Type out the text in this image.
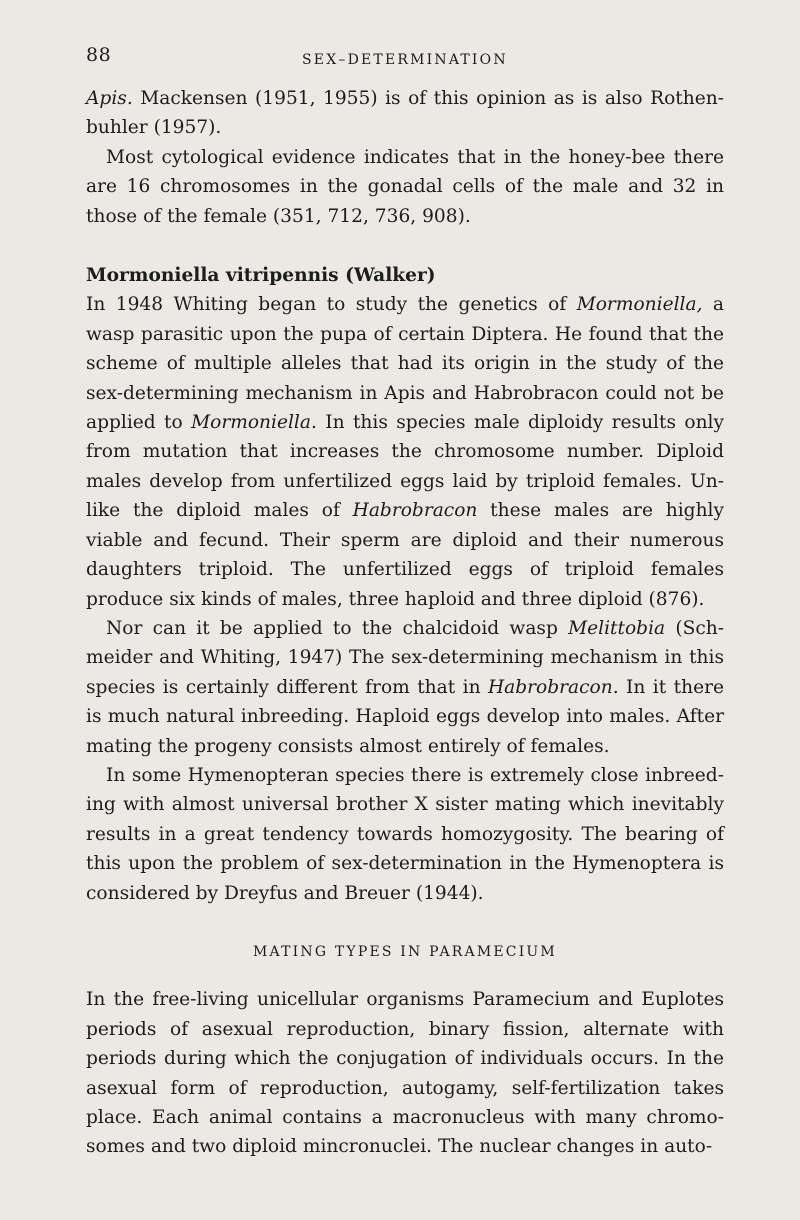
88	SEX–DETERMINATION

Apis. Mackensen (1951, 1955) is of this opinion as is also Rothen- buhler (1957).

Most cytological evidence indicates that in the honey-bee there are 16 chromosomes in the gonadal cells of the male and 32 in those of the female (351, 712, 736, 908).

Mormoniella vitripennis (Walker)

In 1948 Whiting began to study the genetics of Mormoniella, a wasp parasitic upon the pupa of certain Diptera. He found that the scheme of multiple alleles that had its origin in the study of the sex-determining mechanism in Apis and Habrobracon could not be applied to Mormoniella. In this species male diploidy results only from mutation that increases the chromosome number. Diploid males develop from unfertilized eggs laid by triploid females. Un- like the diploid males of Habrobracon these males are highly viable and fecund. Their sperm are diploid and their numerous daughters triploid. The unfertilized eggs of triploid females produce six kinds of males, three haploid and three diploid (876).

Nor can it be applied to the chalcidoid wasp Melittobia (Sch- meider and Whiting, 1947) The sex-determining mechanism in this species is certainly different from that in Habrobracon. In it there is much natural inbreeding. Haploid eggs develop into males. After mating the progeny consists almost entirely of females.

In some Hymenopteran species there is extremely close inbreed- ing with almost universal brother X sister mating which inevitably results in a great tendency towards homozygosity. The bearing of this upon the problem of sex-determination in the Hymenoptera is considered by Dreyfus and Breuer (1944).

MATING TYPES IN PARAMECIUM

In the free-living unicellular organisms Paramecium and Euplotes periods of asexual reproduction, binary fission, alternate with periods during which the conjugation of individuals occurs. In the asexual form of reproduction, autogamy, self-fertilization takes place. Each animal contains a macronucleus with many chromo- somes and two diploid mincronuclei. The nuclear changes in auto-
